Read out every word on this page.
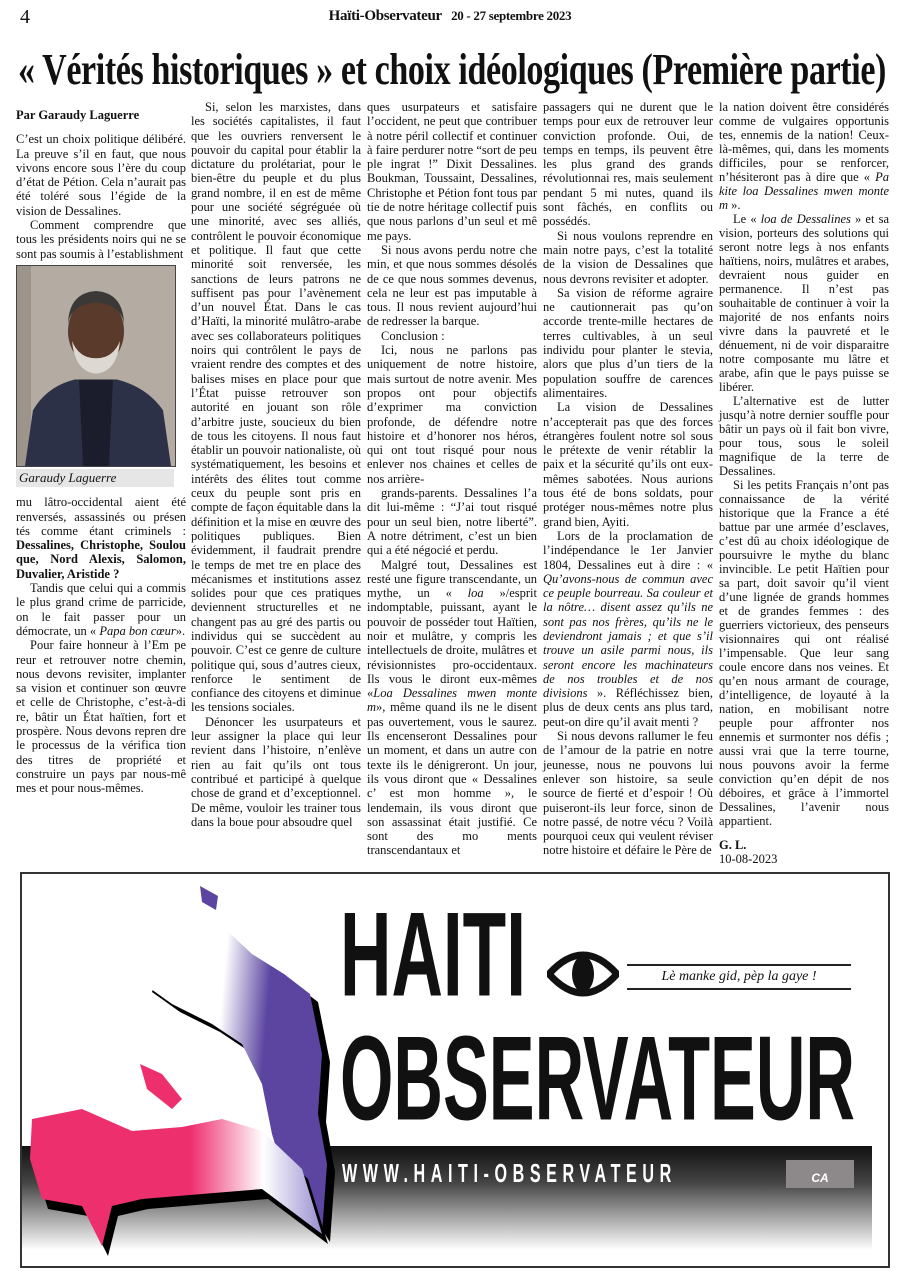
4	Haïti-Observateur 20 - 27 septembre 2023
« Vérités historiques » et choix idéologiques (Première partie)

Par Garaudy Laguerre

C’est un choix politique délibéré. La preuve s’il en faut, que nous vivons encore sous l’ère du coup d’état de Pétion. Cela n’aurait pas été toléré sous l’égide de la vision de Dessalines.

Comment comprendre que tous les présidents noirs qui ne se sont pas soumis à l’establishment

Garaudy Laguerre

mu lâtro-occidental aient été renversés, assassinés ou présen tés comme étant criminels : Dessalines, Christophe, Soulou que, Nord Alexis, Salomon, Duvalier, Aristide ?

Tandis que celui qui a commis le plus grand crime de parricide, on le fait passer pour un démocrate, un « Papa bon cœur».

Pour faire honneur à l’Em pe reur et retrouver notre chemin, nous devons revisiter, implanter sa vision et continuer son œuvre et celle de Christophe, c’est-à-di re, bâtir un État haïtien, fort et prospère. Nous devons repren dre le processus de la vérifica tion des titres de propriété et construire un pays par nous-mê mes et pour nous-mêmes.

Si, selon les marxistes, dans les sociétés capitalistes, il faut que les ouvriers renversent le pouvoir du capital pour établir la dictature du prolétariat, pour le bien-être du peuple et du plus grand nombre, il en est de même pour une société ségréguée où une minorité, avec ses alliés, contrôlent le pouvoir économique et politique. Il faut que cette minorité soit renversée, les sanctions de leurs patrons ne suffisent pas pour l’avènement d’un nouvel État. Dans le cas d’Haïti, la minorité mulâtro-arabe avec ses collaborateurs politiques noirs qui contrôlent le pays de vraient rendre des comptes et des balises mises en place pour que l’État puisse retrouver son autorité en jouant son rôle d’arbitre juste, soucieux du bien de tous les citoyens. Il nous faut établir un pouvoir nationaliste, où systématiquement, les besoins et intérêts des élites tout comme ceux du peuple sont pris en compte de façon équitable dans la définition et la mise en œuvre des politiques publiques. Bien évidemment, il faudrait prendre le temps de met tre en place des mécanismes et institutions assez solides pour que ces pratiques deviennent structurelles et ne changent pas au gré des partis ou individus qui se succèdent au pouvoir. C’est ce genre de culture politique qui, sous d’autres cieux, renforce le sentiment de confiance des citoyens et diminue les tensions sociales.

Dénoncer les usurpateurs et leur assigner la place qui leur revient dans l’histoire, n’enlève rien au fait qu’ils ont tous contribué et participé à quelque chose de grand et d’exceptionnel. De même, vouloir les trainer tous dans la boue pour absoudre quel

ques usurpateurs et satisfaire l’occident, ne peut que contribuer à notre péril collectif et continuer à faire perdurer notre “sort de peu ple ingrat !” Dixit Dessalines. Boukman, Toussaint, Dessalines, Christophe et Pétion font tous par tie de notre héritage collectif puis que nous parlons d’un seul et mê me pays.

Si nous avons perdu notre che min, et que nous sommes désolés de ce que nous sommes devenus, cela ne leur est pas imputable à tous. Il nous revient aujourd’hui de redresser la barque.

Conclusion :

Ici, nous ne parlons pas uniquement de notre histoire, mais surtout de notre avenir. Mes propos ont pour objectifs d’exprimer ma conviction profonde, de défendre notre histoire et d’honorer nos héros, qui ont tout risqué pour nous enlever nos chaines et celles de nos arrière-

grands-parents. Dessalines l’a dit lui-même : “J’ai tout risqué pour un seul bien, notre liberté”. A notre détriment, c’est un bien qui a été négocié et perdu.

Malgré tout, Dessalines est resté une figure transcendante, un mythe, un « loa »/esprit indomptable, puissant, ayant le pouvoir de posséder tout Haïtien, noir et mulâtre, y compris les intellectuels de droite, mulâtres et révisionnistes pro-occidentaux. Ils vous le diront eux-mêmes «Loa Dessalines mwen monte m», même quand ils ne le disent pas ouvertement, vous le saurez. Ils encenseront Dessalines pour un moment, et dans un autre con texte ils le dénigreront. Un jour, ils vous diront que « Dessalines c’ est mon homme », le lendemain, ils vous diront que son assassinat était justifié. Ce sont des mo ments transcendantaux et

passagers qui ne durent que le temps pour eux de retrouver leur conviction profonde. Oui, de temps en temps, ils peuvent être les plus grand des grands révolutionnai res, mais seulement pendant 5 mi nutes, quand ils sont fâchés, en conflits ou possédés.

Si nous voulons reprendre en main notre pays, c’est la totalité de la vision de Dessalines que nous devrons revisiter et adopter.

Sa vision de réforme agraire ne cautionnerait pas qu’on accorde trente-mille hectares de terres cultivables, à un seul individu pour planter le stevia, alors que plus d’un tiers de la population souffre de carences alimentaires.

La vision de Dessalines n’accepterait pas que des forces étrangères foulent notre sol sous le prétexte de venir rétablir la paix et la sécurité qu’ils ont eux-mêmes sabotées. Nous aurions tous été de bons soldats, pour protéger nous-mêmes notre plus grand bien, Ayiti.

Lors de la proclamation de l’indépendance le 1er Janvier 1804, Dessalines eut à dire : « Qu’avons-nous de commun avec ce peuple bourreau. Sa couleur et la nôtre… disent assez qu’ils ne sont pas nos frères, qu’ils ne le deviendront jamais ; et que s’il trouve un asile parmi nous, ils seront encore les machinateurs de nos troubles et de nos divisions ». Réfléchissez bien, plus de deux cents ans plus tard, peut-on dire qu’il avait menti ?

Si nous devons rallumer le feu de l’amour de la patrie en notre jeunesse, nous ne pouvons lui enlever son histoire, sa seule source de fierté et d’espoir ! Où puiseront-ils leur force, sinon de notre passé, de notre vécu ? Voilà pourquoi ceux qui veulent réviser notre histoire et défaire le Père de

la nation doivent être considérés comme de vulgaires opportunis tes, ennemis de la nation! Ceux-là-mêmes, qui, dans les moments difficiles, pour se renforcer, n’hésiteront pas à dire que « Pa kite loa Dessalines mwen monte m ».

Le « loa de Dessalines » et sa vision, porteurs des solutions qui seront notre legs à nos enfants haïtiens, noirs, mulâtres et arabes, devraient nous guider en permanence. Il n’est pas souhaitable de continuer à voir la majorité de nos enfants noirs vivre dans la pauvreté et le dénuement, ni de voir disparaitre notre composante mu lâtre et arabe, afin que le pays puisse se libérer.

L’alternative est de lutter jusqu’à notre dernier souffle pour bâtir un pays où il fait bon vivre, pour tous, sous le soleil magnifique de la terre de Dessalines.

Si les petits Français n’ont pas connaissance de la vérité historique que la France a été battue par une armée d’esclaves, c’est dû au choix idéologique de poursuivre le mythe du blanc invincible. Le petit Haïtien pour sa part, doit savoir qu’il vient d’une lignée de grands hommes et de grandes femmes : des guerriers victorieux, des penseurs visionnaires qui ont réalisé l’impensable. Que leur sang coule encore dans nos veines. Et qu’en nous armant de courage, d’intelligence, de loyauté à la nation, en mobilisant notre peuple pour affronter nos ennemis et surmonter nos défis ; aussi vrai que la terre tourne, nous pouvons avoir la ferme conviction qu’en dépit de nos déboires, et grâce à l’immortel Dessalines, l’avenir nous appartient.

G. L.
10-08-2023

HAITI	Lè manke gid, pèp la gaye !
OBSERVATEUR
WWW.HAITI-OBSERVATEUR	CA
